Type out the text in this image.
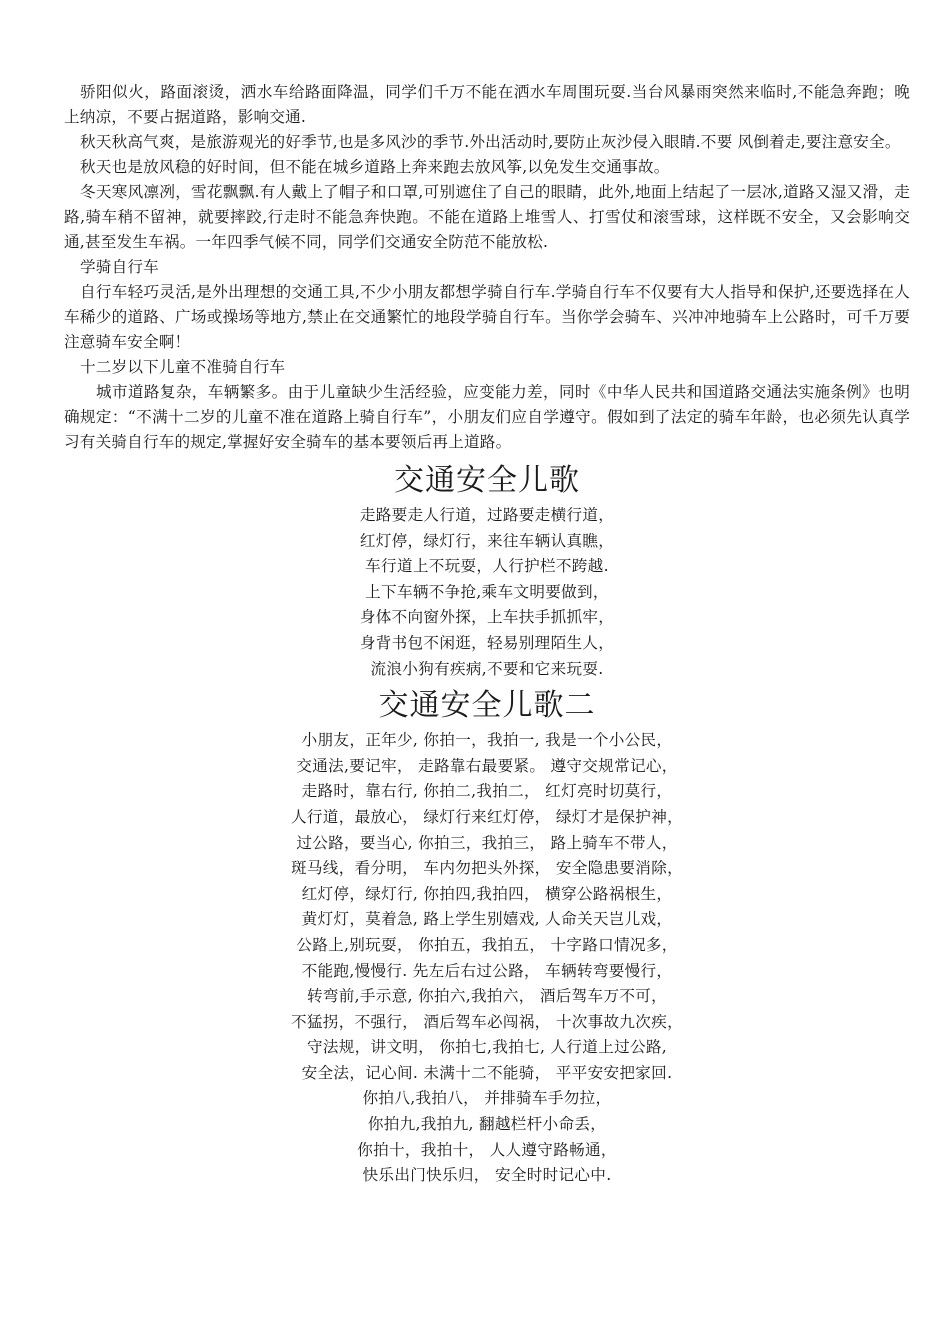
骄阳似火，路面滚烫，洒水车给路面降温，同学们千万不能在洒水车周围玩耍.当台风暴雨突然来临时,不能急奔跑；晚上纳凉，不要占据道路，影响交通.

秋天秋高气爽，是旅游观光的好季节,也是多风沙的季节.外出活动时,要防止灰沙侵入眼睛.不要 风倒着走,要注意安全。

秋天也是放风稳的好时间，但不能在城乡道路上奔来跑去放风筝,以免发生交通事故。

冬天寒风凛冽，雪花飘飘.有人戴上了帽子和口罩,可别遮住了自己的眼睛，此外,地面上结起了一层冰,道路又湿又滑，走路,骑车稍不留神，就要摔跤,行走时不能急奔快跑。不能在道路上堆雪人、打雪仗和滚雪球，这样既不安全，又会影响交通,甚至发生车祸。一年四季气候不同，同学们交通安全防范不能放松.

学骑自行车

自行车轻巧灵活,是外出理想的交通工具,不少小朋友都想学骑自行车.学骑自行车不仅要有大人指导和保护,还要选择在人车稀少的道路、广场或操场等地方,禁止在交通繁忙的地段学骑自行车。当你学会骑车、兴冲冲地骑车上公路时，可千万要注意骑车安全啊！

十二岁以下儿童不准骑自行车

城市道路复杂，车辆繁多。由于儿童缺少生活经验，应变能力差，同时《中华人民共和国道路交通法实施条例》也明确规定：“不满十二岁的儿童不准在道路上骑自行车”，小朋友们应自学遵守。假如到了法定的骑车年龄，也必须先认真学习有关骑自行车的规定,掌握好安全骑车的基本要领后再上道路。

交通安全儿歌
走路要走人行道，过路要走横行道，
红灯停，绿灯行，来往车辆认真瞧，
车行道上不玩耍，人行护栏不跨越.
上下车辆不争抢,乘车文明要做到，
身体不向窗外探，上车扶手抓抓牢，
身背书包不闲逛，轻易别理陌生人，
流浪小狗有疾病,不要和它来玩耍.
交通安全儿歌二
小朋友，正年少, 你拍一，我拍一, 我是一个小公民，
交通法,要记牢， 走路靠右最要紧。 遵守交规常记心，
走路时，靠右行, 你拍二,我拍二， 红灯亮时切莫行，
人行道，最放心， 绿灯行来红灯停， 绿灯才是保护神，
过公路，要当心, 你拍三，我拍三， 路上骑车不带人，
斑马线，看分明， 车内勿把头外探， 安全隐患要消除，
红灯停，绿灯行, 你拍四,我拍四， 横穿公路祸根生，
黄灯灯，莫着急, 路上学生别嬉戏, 人命关天岂儿戏，
公路上,别玩耍， 你拍五，我拍五， 十字路口情况多，
不能跑,慢慢行. 先左后右过公路， 车辆转弯要慢行，
转弯前,手示意, 你拍六,我拍六， 酒后驾车万不可，
不猛拐，不强行， 酒后驾车必闯祸， 十次事故九次疾，
守法规，讲文明， 你拍七,我拍七, 人行道上过公路,
安全法，记心间. 未满十二不能骑， 平平安安把家回.
你拍八,我拍八， 并排骑车手勿拉，
你拍九,我拍九, 翻越栏杆小命丢，
你拍十，我拍十， 人人遵守路畅通，
快乐出门快乐归， 安全时时记心中.
